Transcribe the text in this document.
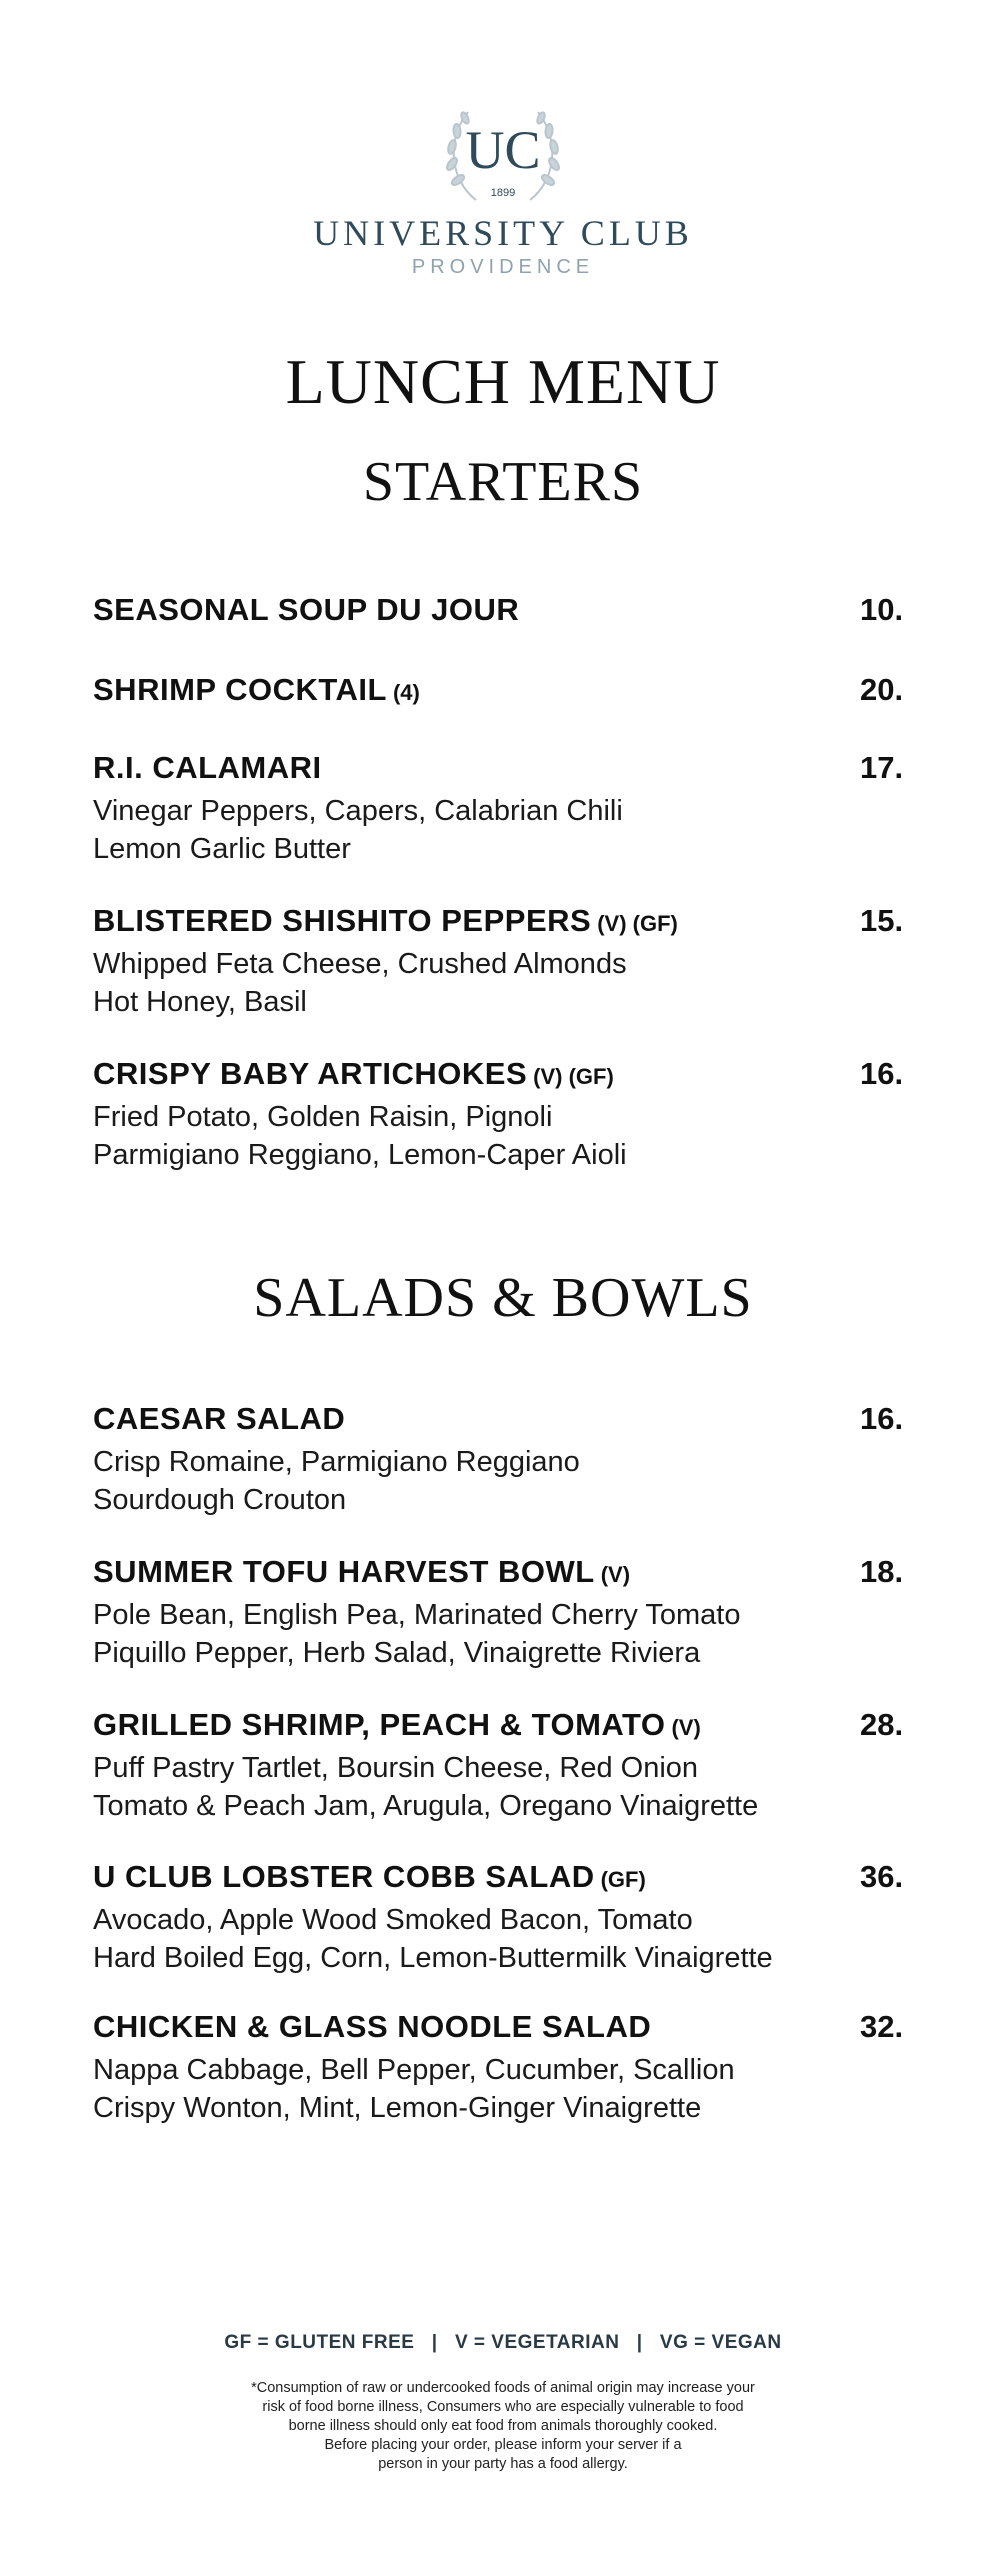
UC
1899
UNIVERSITY CLUB
PROVIDENCE
LUNCH MENU
STARTERS
SEASONAL SOUP DU JOUR	10.
SHRIMP COCKTAIL (4)	20.
R.I. CALAMARI	17.
Vinegar Peppers, Capers, Calabrian Chili
Lemon Garlic Butter
BLISTERED SHISHITO PEPPERS (V) (GF)	15.
Whipped Feta Cheese, Crushed Almonds
Hot Honey, Basil
CRISPY BABY ARTICHOKES (V) (GF)	16.
Fried Potato, Golden Raisin, Pignoli
Parmigiano Reggiano, Lemon-Caper Aioli
SALADS & BOWLS
CAESAR SALAD	16.
Crisp Romaine, Parmigiano Reggiano
Sourdough Crouton
SUMMER TOFU HARVEST BOWL (V)	18.
Pole Bean, English Pea, Marinated Cherry Tomato
Piquillo Pepper, Herb Salad, Vinaigrette Riviera
GRILLED SHRIMP, PEACH & TOMATO (V)	28.
Puff Pastry Tartlet, Boursin Cheese, Red Onion
Tomato & Peach Jam, Arugula, Oregano Vinaigrette
U CLUB LOBSTER COBB SALAD (GF)	36.
Avocado, Apple Wood Smoked Bacon, Tomato
Hard Boiled Egg, Corn, Lemon-Buttermilk Vinaigrette
CHICKEN & GLASS NOODLE SALAD	32.
Nappa Cabbage, Bell Pepper, Cucumber, Scallion
Crispy Wonton, Mint, Lemon-Ginger Vinaigrette
GF = GLUTEN FREE   |   V = VEGETARIAN   |   VG = VEGAN
*Consumption of raw or undercooked foods of animal origin may increase your
risk of food borne illness, Consumers who are especially vulnerable to food
borne illness should only eat food from animals thoroughly cooked.
Before placing your order, please inform your server if a
person in your party has a food allergy.
